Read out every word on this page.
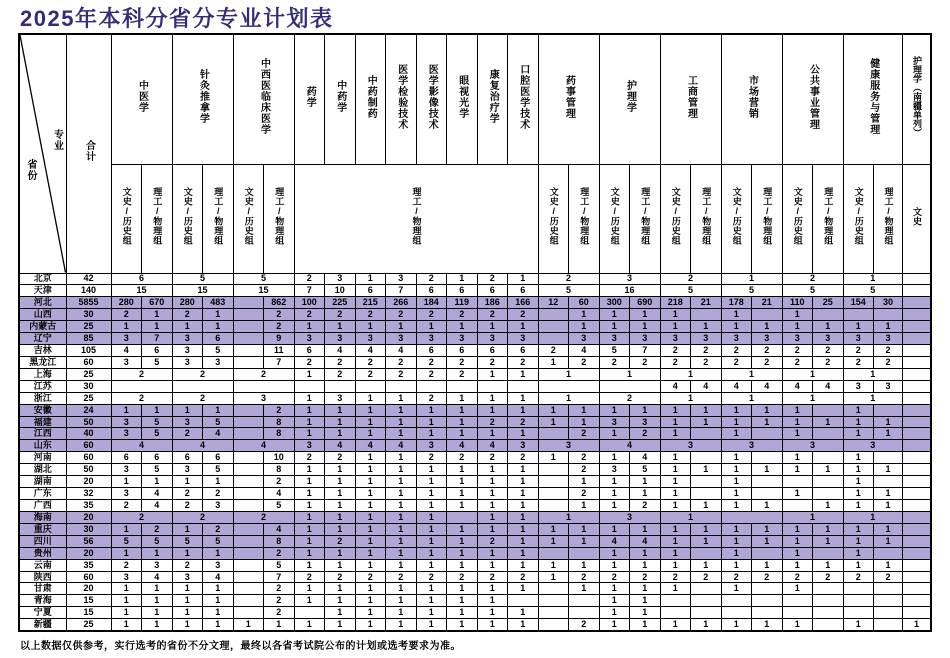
2025年本科分省分专业计划表
专业
省份	合计	中医学		针灸推拿学		中西医临床医学		药学	中药学	中药制药	医学检验技术	医学影像技术	眼视光学	康复治疗学	口腔医学技术	药事管理		护理学		工商管理		市场营销		公共事业管理		健康服务与管理		护理学（南疆单列）
		文史/历史组	理工/物理组	文史/历史组	理工/物理组	文史/历史组	理工/物理组	理工/物理组								文史/历史组	理工/物理组	文史/历史组	理工/物理组	文史/历史组	理工/物理组	文史/历史组	理工/物理组	文史/历史组	理工/物理组	文史/历史组	理工/物理组	文史
北京	42	6		5		5		2	3	1	3	2	1	2	1	2		3		2		1		2		1		
天津	140	15		15		15		7	10	6	7	6	6	6	6	5		16		5		5		5		5		
河北	5855	280	670	280	483		862	100	225	215	266	184	119	186	166	12	60	300	690	218	21	178	21	110	25	154	30	
山西	30	2	1	2	1		2	2	2	2	2	2	2	2	2		1	1	1	1		1		1				
内蒙古	25	1	1	1	1		2	1	1	1	1	1	1	1	1		1	1	1	1	1	1	1	1	1	1	1	
辽宁	85	3	7	3	6		9	3	3	3	3	3	3	3	3		3	3	3	3	3	3	3	3	3	3	3	
吉林	105	4	6	3	5		11	6	4	4	4	6	6	6	6	2	4	5	7	2	2	2	2	2	2	2	2	
黑龙江	60	3	5	3	3		7	2	2	2	2	2	2	2	2	1	2	2	2	2	2	2	2	2	2	2	2	
上海	25	2		2		2		1	2	2	2	2	2	1	1	1		1		1		1		1		1		
江苏	30																			4	4	4	4	4	4	3	3	
浙江	25	2		2		3		1	3	1	1	2	1	1	1	1		2		1		1		1		1		
安徽	24	1	1	1	1		2	1	1	1	1	1	1	1	1	1	1	1	1	1	1	1	1	1		1		
福建	50	3	5	3	5		8	1	1	1	1	1	1	2	2	1	1	3	3	1	1	1	1	1	1	1	1	
江西	40	3	5	2	4		8	1	1	1	1	1	1	1	1		2	1	2	1		1		1		1	1	
山东	60	4		4		4		3	4	4	4	3	4	4	3	3		4		3		3		3		3		
河南	60	6	6	6	6		10	2	2	1	1	2	2	2	2	1	2	1	4	1		1		1		1		
湖北	50	3	5	3	5		8	1	1	1	1	1	1	1	1		2	3	5	1	1	1	1	1	1	1	1	
湖南	20	1	1	1	1		2	1	1	1	1	1	1	1	1		1	1	1	1		1				1		
广东	32	3	4	2	2		4	1	1	1	1	1	1	1	1		2	1	1	1		1		1		1	1	
广西	35	2	4	2	3		5	1	1	1	1	1	1	1	1		1	1	2	1	1	1	1		1	1	1	
海南	20	2		2		2		1	1	1	1	1		1	1	1		3		1				1		1		
重庆	30	1	2	1	2		4	1	1	1	1	1	1	1	1	1	1	1	1	1	1	1	1	1	1	1	1	
四川	56	5	5	5	5		8	1	2	1	1	1	1	2	1	1	1	4	4	1	1	1	1	1	1	1	1	
贵州	20	1	1	1	1		2	1	1	1	1	1	1	1	1			1	1	1		1		1		1		
云南	35	2	3	2	3		5	1	1	1	1	1	1	1	1	1	1	1	1	1	1	1	1	1	1	1	1	
陕西	60	3	4	3	4		7	2	2	2	2	2	2	2	2	1	2	2	2	2	2	2	2	2	2	2	2	
甘肃	20	1	1	1	1		2	1	1	1	1	1	1	1	1		1	1	1	1		1		1				
青海	15	1	1	1	1		2	1	1	1	1	1	1	1				1	1									
宁夏	15	1	1	1	1		2		1	1	1	1	1	1	1			1	1									
新疆	25	1	1	1	1	1	1	1	1	1	1	1	1	1	1		2	1	1	1	1	1	1	1		1		1
以上数据仅供参考，实行选考的省份不分文理，最终以各省考试院公布的计划或选考要求为准。
